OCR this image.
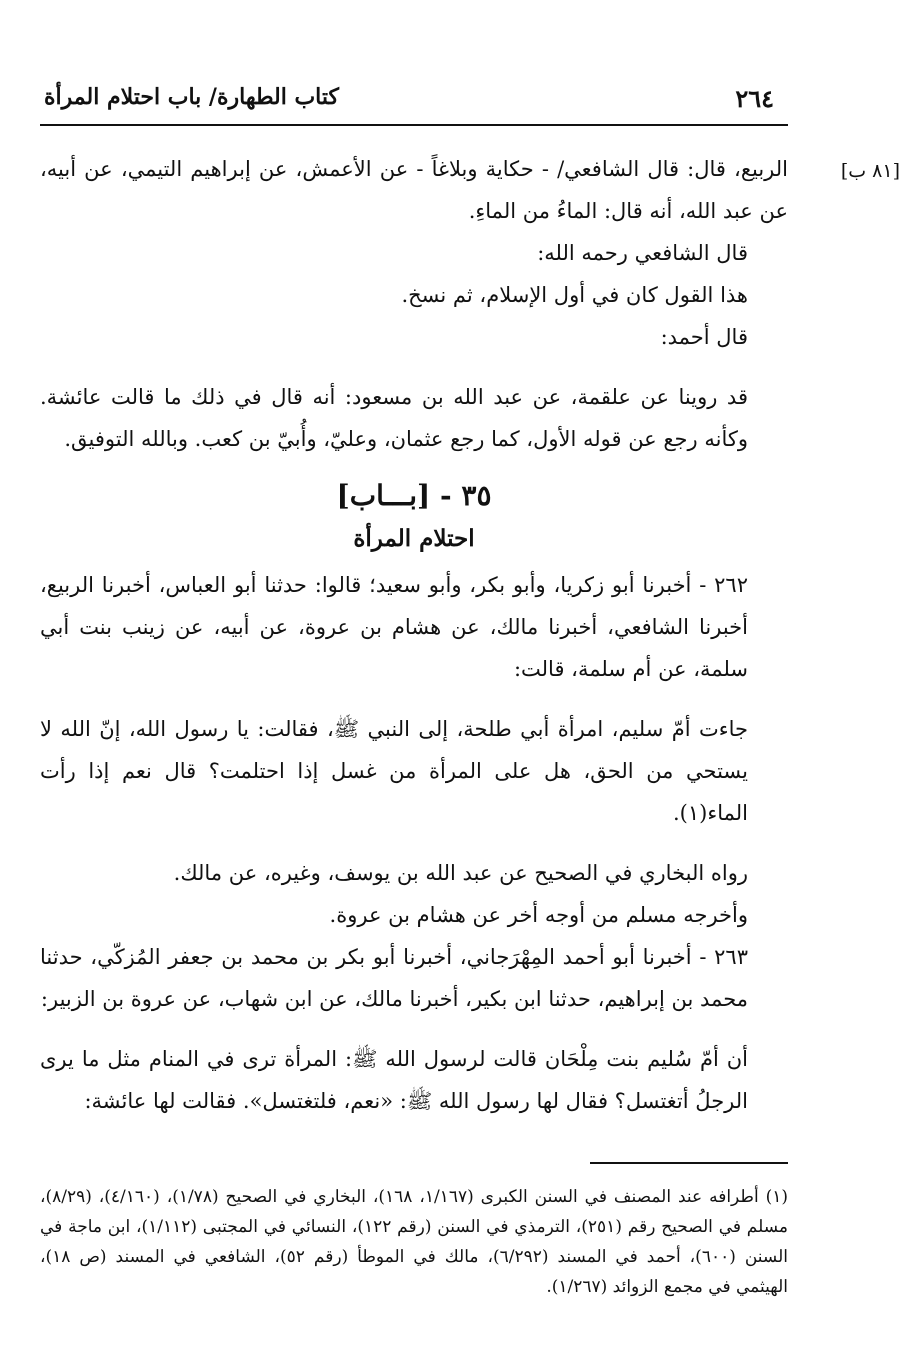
٢٦٤
كتاب الطهارة/ باب احتلام المرأة
[٨١ ب]

الربيع، قال: قال الشافعي/ - حكاية وبلاغاً - عن الأعمش، عن إبراهيم التيمي، عن أبيه، عن عبد الله، أنه قال: الماءُ من الماءِ.

قال الشافعي رحمه الله:

هذا القول كان في أول الإسلام، ثم نسخ.

قال أحمد:

قد روينا عن علقمة، عن عبد الله بن مسعود: أنه قال في ذلك ما قالت عائشة. وكأنه رجع عن قوله الأول، كما رجع عثمان، وعليّ، وأُبيّ بن كعب. وبالله التوفيق.

٣٥ - [بـــاب]
احتلام المرأة

٢٦٢ - أخبرنا أبو زكريا، وأبو بكر، وأبو سعيد؛ قالوا: حدثنا أبو العباس، أخبرنا الربيع، أخبرنا الشافعي، أخبرنا مالك، عن هشام بن عروة، عن أبيه، عن زينب بنت أبي سلمة، عن أم سلمة، قالت:

جاءت أمّ سليم، امرأة أبي طلحة، إلى النبي ﷺ، فقالت: يا رسول الله، إنّ الله لا يستحي من الحق، هل على المرأة من غسل إذا احتلمت؟ قال نعم إذا رأت الماء(١).

رواه البخاري في الصحيح عن عبد الله بن يوسف، وغيره، عن مالك.

وأخرجه مسلم من أوجه أخر عن هشام بن عروة.

٢٦٣ - أخبرنا أبو أحمد المِهْرَجاني، أخبرنا أبو بكر بن محمد بن جعفر المُزكّي، حدثنا محمد بن إبراهيم، حدثنا ابن بكير، أخبرنا مالك، عن ابن شهاب، عن عروة بن الزبير:

أن أمّ سُليم بنت مِلْحَان قالت لرسول الله ﷺ: المرأة ترى في المنام مثل ما يرى الرجلُ أتغتسل؟ فقال لها رسول الله ﷺ: «نعم، فلتغتسل». فقالت لها عائشة:

(١) أطرافه عند المصنف في السنن الكبرى (١/١٦٧، ١٦٨)، البخاري في الصحيح (١/٧٨)، (٤/١٦٠)، (٨/٢٩)، مسلم في الصحيح رقم (٢٥١)، الترمذي في السنن (رقم ١٢٢)، النسائي في المجتبى (١/١١٢)، ابن ماجة في السنن (٦٠٠)، أحمد في المسند (٦/٢٩٢)، مالك في الموطأ (رقم ٥٢)، الشافعي في المسند (ص ١٨)، الهيثمي في مجمع الزوائد (١/٢٦٧).
